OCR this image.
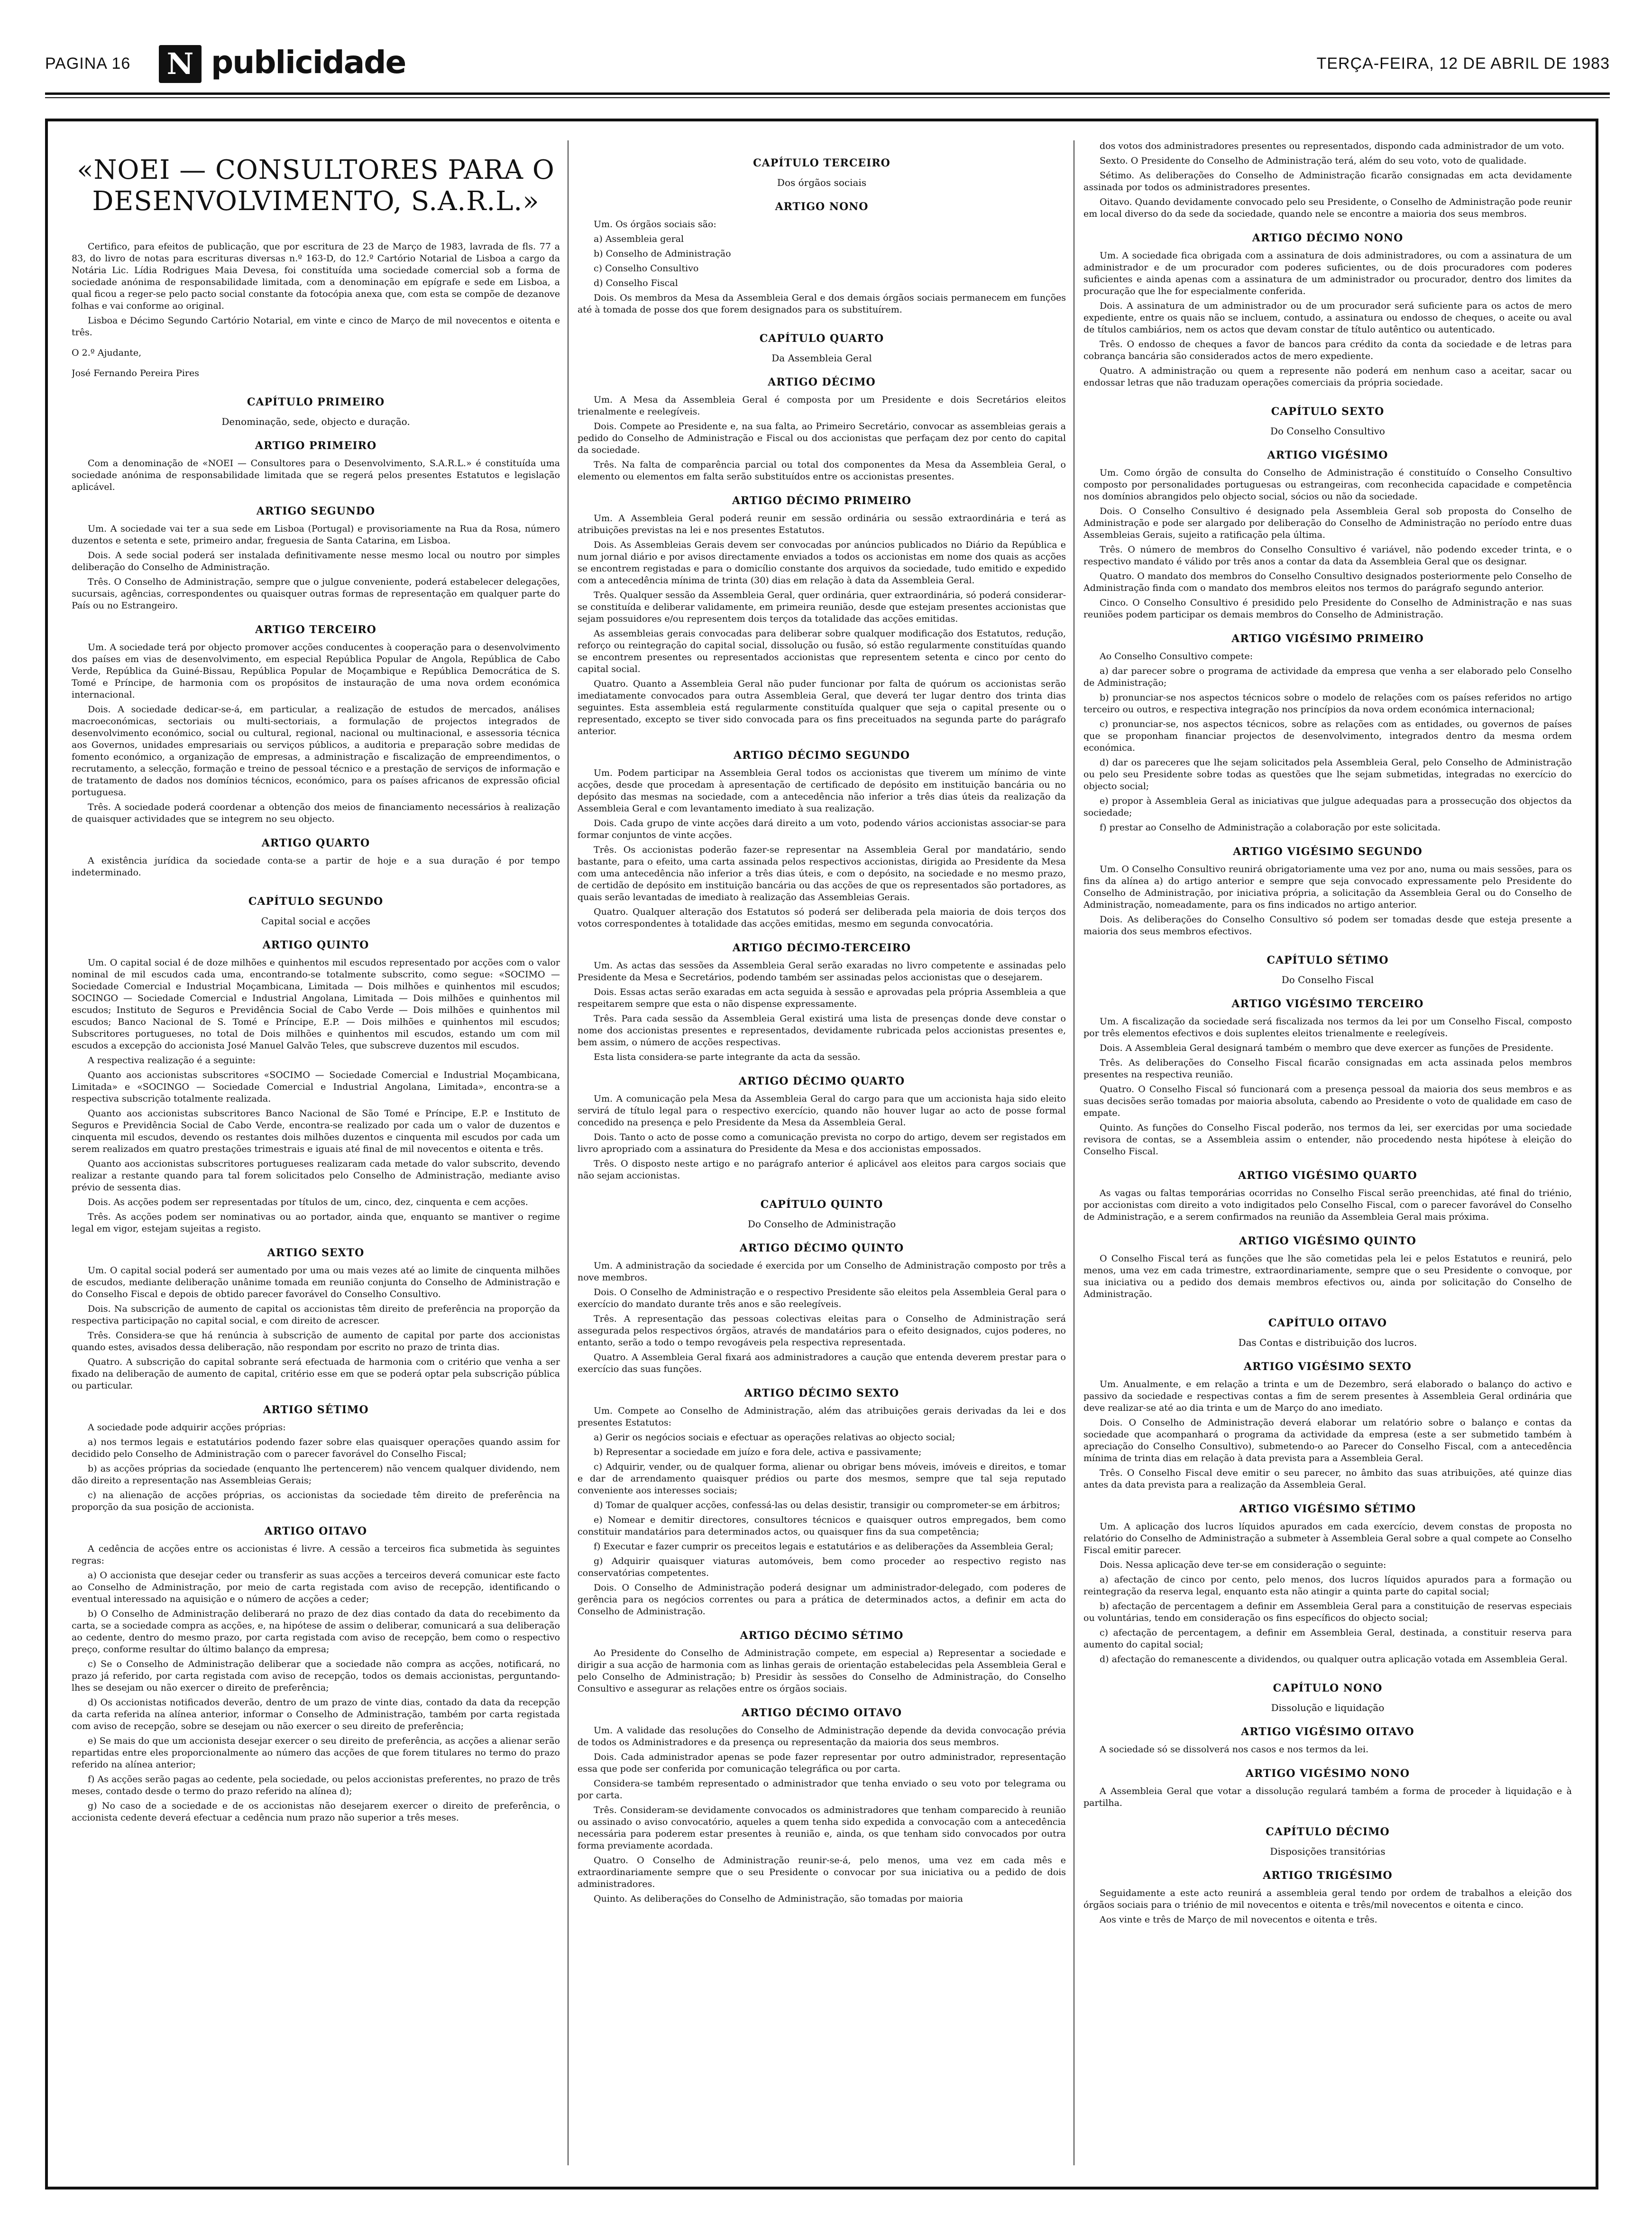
PAGINA 16 N publicidade	TERÇA-FEIRA, 12 DE ABRIL DE 1983
«NOEI — CONSULTORES PARA O DESENVOLVIMENTO, S.A.R.L.»

Certifico, para efeitos de publicação, que por escritura de 23 de Março de 1983, lavrada de fls. 77 a 83, do livro de notas para escrituras diversas n.º 163-D, do 12.º Cartório Notarial de Lisboa a cargo da Notária Lic. Lídia Rodrigues Maia Devesa, foi constituída uma sociedade comercial sob a forma de sociedade anónima de responsabilidade limitada, com a denominação em epígrafe e sede em Lisboa, a qual ficou a reger-se pelo pacto social constante da fotocópia anexa que, com esta se compõe de dezanove folhas e vai conforme ao original.

Lisboa e Décimo Segundo Cartório Notarial, em vinte e cinco de Março de mil novecentos e oitenta e três.

O 2.º Ajudante,

José Fernando Pereira Pires

CAPÍTULO PRIMEIRO
Denominação, sede, objecto e duração.
ARTIGO PRIMEIRO

Com a denominação de «NOEI — Consultores para o Desenvolvimento, S.A.R.L.» é constituída uma sociedade anónima de responsabilidade limitada que se regerá pelos presentes Estatutos e legislação aplicável.

ARTIGO SEGUNDO

Um. A sociedade vai ter a sua sede em Lisboa (Portugal) e provisoriamente na Rua da Rosa, número duzentos e setenta e sete, primeiro andar, freguesia de Santa Catarina, em Lisboa.

Dois. A sede social poderá ser instalada definitivamente nesse mesmo local ou noutro por simples deliberação do Conselho de Administração.

Três. O Conselho de Administração, sempre que o julgue conveniente, poderá estabelecer delegações, sucursais, agências, correspondentes ou quaisquer outras formas de representação em qualquer parte do País ou no Estrangeiro.

ARTIGO TERCEIRO

Um. A sociedade terá por objecto promover acções conducentes à cooperação para o desenvolvimento dos países em vias de desenvolvimento, em especial República Popular de Angola, República de Cabo Verde, República da Guiné-Bissau, República Popular de Moçambique e República Democrática de S. Tomé e Príncipe, de harmonia com os propósitos de instauração de uma nova ordem económica internacional.

Dois. A sociedade dedicar-se-á, em particular, a realização de estudos de mercados, análises macroeconómicas, sectoriais ou multi-sectoriais, a formulação de projectos integrados de desenvolvimento económico, social ou cultural, regional, nacional ou multinacional, e assessoria técnica aos Governos, unidades empresariais ou serviços públicos, a auditoria e preparação sobre medidas de fomento económico, a organização de empresas, a administração e fiscalização de empreendimentos, o recrutamento, a selecção, formação e treino de pessoal técnico e a prestação de serviços de informação e de tratamento de dados nos domínios técnicos, económico, para os países africanos de expressão oficial portuguesa.

Três. A sociedade poderá coordenar a obtenção dos meios de financiamento necessários à realização de quaisquer actividades que se integrem no seu objecto.

ARTIGO QUARTO

A existência jurídica da sociedade conta-se a partir de hoje e a sua duração é por tempo indeterminado.

CAPÍTULO SEGUNDO
Capital social e acções
ARTIGO QUINTO

Um. O capital social é de doze milhões e quinhentos mil escudos representado por acções com o valor nominal de mil escudos cada uma, encontrando-se totalmente subscrito, como segue: «SOCIMO — Sociedade Comercial e Industrial Moçambicana, Limitada — Dois milhões e quinhentos mil escudos; SOCINGO — Sociedade Comercial e Industrial Angolana, Limitada — Dois milhões e quinhentos mil escudos; Instituto de Seguros e Previdência Social de Cabo Verde — Dois milhões e quinhentos mil escudos; Banco Nacional de S. Tomé e Príncipe, E.P. — Dois milhões e quinhentos mil escudos; Subscritores portugueses, no total de Dois milhões e quinhentos mil escudos, estando um com mil escudos a excepção do accionista José Manuel Galvão Teles, que subscreve duzentos mil escudos.

A respectiva realização é a seguinte:

Quanto aos accionistas subscritores «SOCIMO — Sociedade Comercial e Industrial Moçambicana, Limitada» e «SOCINGO — Sociedade Comercial e Industrial Angolana, Limitada», encontra-se a respectiva subscrição totalmente realizada.

Quanto aos accionistas subscritores Banco Nacional de São Tomé e Príncipe, E.P. e Instituto de Seguros e Previdência Social de Cabo Verde, encontra-se realizado por cada um o valor de duzentos e cinquenta mil escudos, devendo os restantes dois milhões duzentos e cinquenta mil escudos por cada um serem realizados em quatro prestações trimestrais e iguais até final de mil novecentos e oitenta e três.

Quanto aos accionistas subscritores portugueses realizaram cada metade do valor subscrito, devendo realizar a restante quando para tal forem solicitados pelo Conselho de Administração, mediante aviso prévio de sessenta dias.

Dois. As acções podem ser representadas por títulos de um, cinco, dez, cinquenta e cem acções.

Três. As acções podem ser nominativas ou ao portador, ainda que, enquanto se mantiver o regime legal em vigor, estejam sujeitas a registo.

ARTIGO SEXTO

Um. O capital social poderá ser aumentado por uma ou mais vezes até ao limite de cinquenta milhões de escudos, mediante deliberação unânime tomada em reunião conjunta do Conselho de Administração e do Conselho Fiscal e depois de obtido parecer favorável do Conselho Consultivo.

Dois. Na subscrição de aumento de capital os accionistas têm direito de preferência na proporção da respectiva participação no capital social, e com direito de acrescer.

Três. Considera-se que há renúncia à subscrição de aumento de capital por parte dos accionistas quando estes, avisados dessa deliberação, não respondam por escrito no prazo de trinta dias.

Quatro. A subscrição do capital sobrante será efectuada de harmonia com o critério que venha a ser fixado na deliberação de aumento de capital, critério esse em que se poderá optar pela subscrição pública ou particular.

ARTIGO SÉTIMO

A sociedade pode adquirir acções próprias:

a) nos termos legais e estatutários podendo fazer sobre elas quaisquer operações quando assim for decidido pelo Conselho de Administração com o parecer favorável do Conselho Fiscal;

b) as acções próprias da sociedade (enquanto lhe pertencerem) não vencem qualquer dividendo, nem dão direito a representação nas Assembleias Gerais;

c) na alienação de acções próprias, os accionistas da sociedade têm direito de preferência na proporção da sua posição de accionista.

ARTIGO OITAVO

A cedência de acções entre os accionistas é livre. A cessão a terceiros fica submetida às seguintes regras:

a) O accionista que desejar ceder ou transferir as suas acções a terceiros deverá comunicar este facto ao Conselho de Administração, por meio de carta registada com aviso de recepção, identificando o eventual interessado na aquisição e o número de acções a ceder;

b) O Conselho de Administração deliberará no prazo de dez dias contado da data do recebimento da carta, se a sociedade compra as acções, e, na hipótese de assim o deliberar, comunicará a sua deliberação ao cedente, dentro do mesmo prazo, por carta registada com aviso de recepção, bem como o respectivo preço, conforme resultar do último balanço da empresa;

c) Se o Conselho de Administração deliberar que a sociedade não compra as acções, notificará, no prazo já referido, por carta registada com aviso de recepção, todos os demais accionistas, perguntando-lhes se desejam ou não exercer o direito de preferência;

d) Os accionistas notificados deverão, dentro de um prazo de vinte dias, contado da data da recepção da carta referida na alínea anterior, informar o Conselho de Administração, também por carta registada com aviso de recepção, sobre se desejam ou não exercer o seu direito de preferência;

e) Se mais do que um accionista desejar exercer o seu direito de preferência, as acções a alienar serão repartidas entre eles proporcionalmente ao número das acções de que forem titulares no termo do prazo referido na alínea anterior;

f) As acções serão pagas ao cedente, pela sociedade, ou pelos accionistas preferentes, no prazo de três meses, contado desde o termo do prazo referido na alínea d);

g) No caso de a sociedade e de os accionistas não desejarem exercer o direito de preferência, o accionista cedente deverá efectuar a cedência num prazo não superior a três meses.

CAPÍTULO TERCEIRO
Dos órgãos sociais
ARTIGO NONO

Um. Os órgãos sociais são:

a) Assembleia geral

b) Conselho de Administração

c) Conselho Consultivo

d) Conselho Fiscal

Dois. Os membros da Mesa da Assembleia Geral e dos demais órgãos sociais permanecem em funções até à tomada de posse dos que forem designados para os substituírem.

CAPÍTULO QUARTO
Da Assembleia Geral
ARTIGO DÉCIMO

Um. A Mesa da Assembleia Geral é composta por um Presidente e dois Secretários eleitos trienalmente e reelegíveis.

Dois. Compete ao Presidente e, na sua falta, ao Primeiro Secretário, convocar as assembleias gerais a pedido do Conselho de Administração e Fiscal ou dos accionistas que perfaçam dez por cento do capital da sociedade.

Três. Na falta de comparência parcial ou total dos componentes da Mesa da Assembleia Geral, o elemento ou elementos em falta serão substituídos entre os accionistas presentes.

ARTIGO DÉCIMO PRIMEIRO

Um. A Assembleia Geral poderá reunir em sessão ordinária ou sessão extraordinária e terá as atribuições previstas na lei e nos presentes Estatutos.

Dois. As Assembleias Gerais devem ser convocadas por anúncios publicados no Diário da República e num jornal diário e por avisos directamente enviados a todos os accionistas em nome dos quais as acções se encontrem registadas e para o domicílio constante dos arquivos da sociedade, tudo emitido e expedido com a antecedência mínima de trinta (30) dias em relação à data da Assembleia Geral.

Três. Qualquer sessão da Assembleia Geral, quer ordinária, quer extraordinária, só poderá considerar-se constituída e deliberar validamente, em primeira reunião, desde que estejam presentes accionistas que sejam possuidores e/ou representem dois terços da totalidade das acções emitidas.

As assembleias gerais convocadas para deliberar sobre qualquer modificação dos Estatutos, redução, reforço ou reintegração do capital social, dissolução ou fusão, só estão regularmente constituídas quando se encontrem presentes ou representados accionistas que representem setenta e cinco por cento do capital social.

Quatro. Quanto a Assembleia Geral não puder funcionar por falta de quórum os accionistas serão imediatamente convocados para outra Assembleia Geral, que deverá ter lugar dentro dos trinta dias seguintes. Esta assembleia está regularmente constituída qualquer que seja o capital presente ou o representado, excepto se tiver sido convocada para os fins preceituados na segunda parte do parágrafo anterior.

ARTIGO DÉCIMO SEGUNDO

Um. Podem participar na Assembleia Geral todos os accionistas que tiverem um mínimo de vinte acções, desde que procedam à apresentação de certificado de depósito em instituição bancária ou no depósito das mesmas na sociedade, com a antecedência não inferior a três dias úteis da realização da Assembleia Geral e com levantamento imediato à sua realização.

Dois. Cada grupo de vinte acções dará direito a um voto, podendo vários accionistas associar-se para formar conjuntos de vinte acções.

Três. Os accionistas poderão fazer-se representar na Assembleia Geral por mandatário, sendo bastante, para o efeito, uma carta assinada pelos respectivos accionistas, dirigida ao Presidente da Mesa com uma antecedência não inferior a três dias úteis, e com o depósito, na sociedade e no mesmo prazo, de certidão de depósito em instituição bancária ou das acções de que os representados são portadores, as quais serão levantadas de imediato à realização das Assembleias Gerais.

Quatro. Qualquer alteração dos Estatutos só poderá ser deliberada pela maioria de dois terços dos votos correspondentes à totalidade das acções emitidas, mesmo em segunda convocatória.

ARTIGO DÉCIMO-TERCEIRO

Um. As actas das sessões da Assembleia Geral serão exaradas no livro competente e assinadas pelo Presidente da Mesa e Secretários, podendo também ser assinadas pelos accionistas que o desejarem.

Dois. Essas actas serão exaradas em acta seguida à sessão e aprovadas pela própria Assembleia a que respeitarem sempre que esta o não dispense expressamente.

Três. Para cada sessão da Assembleia Geral existirá uma lista de presenças donde deve constar o nome dos accionistas presentes e representados, devidamente rubricada pelos accionistas presentes e, bem assim, o número de acções respectivas.

Esta lista considera-se parte integrante da acta da sessão.

ARTIGO DÉCIMO QUARTO

Um. A comunicação pela Mesa da Assembleia Geral do cargo para que um accionista haja sido eleito servirá de título legal para o respectivo exercício, quando não houver lugar ao acto de posse formal concedido na presença e pelo Presidente da Mesa da Assembleia Geral.

Dois. Tanto o acto de posse como a comunicação prevista no corpo do artigo, devem ser registados em livro apropriado com a assinatura do Presidente da Mesa e dos accionistas empossados.

Três. O disposto neste artigo e no parágrafo anterior é aplicável aos eleitos para cargos sociais que não sejam accionistas.

CAPÍTULO QUINTO
Do Conselho de Administração
ARTIGO DÉCIMO QUINTO

Um. A administração da sociedade é exercida por um Conselho de Administração composto por três a nove membros.

Dois. O Conselho de Administração e o respectivo Presidente são eleitos pela Assembleia Geral para o exercício do mandato durante três anos e são reelegíveis.

Três. A representação das pessoas colectivas eleitas para o Conselho de Administração será assegurada pelos respectivos órgãos, através de mandatários para o efeito designados, cujos poderes, no entanto, serão a todo o tempo revogáveis pela respectiva representada.

Quatro. A Assembleia Geral fixará aos administradores a caução que entenda deverem prestar para o exercício das suas funções.

ARTIGO DÉCIMO SEXTO

Um. Compete ao Conselho de Administração, além das atribuições gerais derivadas da lei e dos presentes Estatutos:

a) Gerir os negócios sociais e efectuar as operações relativas ao objecto social;

b) Representar a sociedade em juízo e fora dele, activa e passivamente;

c) Adquirir, vender, ou de qualquer forma, alienar ou obrigar bens móveis, imóveis e direitos, e tomar e dar de arrendamento quaisquer prédios ou parte dos mesmos, sempre que tal seja reputado conveniente aos interesses sociais;

d) Tomar de qualquer acções, confessá-las ou delas desistir, transigir ou comprometer-se em árbitros;

e) Nomear e demitir directores, consultores técnicos e quaisquer outros empregados, bem como constituir mandatários para determinados actos, ou quaisquer fins da sua competência;

f) Executar e fazer cumprir os preceitos legais e estatutários e as deliberações da Assembleia Geral;

g) Adquirir quaisquer viaturas automóveis, bem como proceder ao respectivo registo nas conservatórias competentes.

Dois. O Conselho de Administração poderá designar um administrador-delegado, com poderes de gerência para os negócios correntes ou para a prática de determinados actos, a definir em acta do Conselho de Administração.

ARTIGO DÉCIMO SÉTIMO

Ao Presidente do Conselho de Administração compete, em especial a) Representar a sociedade e dirigir a sua acção de harmonia com as linhas gerais de orientação estabelecidas pela Assembleia Geral e pelo Conselho de Administração; b) Presidir às sessões do Conselho de Administração, do Conselho Consultivo e assegurar as relações entre os órgãos sociais.

ARTIGO DÉCIMO OITAVO

Um. A validade das resoluções do Conselho de Administração depende da devida convocação prévia de todos os Administradores e da presença ou representação da maioria dos seus membros.

Dois. Cada administrador apenas se pode fazer representar por outro administrador, representação essa que pode ser conferida por comunicação telegráfica ou por carta.

Considera-se também representado o administrador que tenha enviado o seu voto por telegrama ou por carta.

Três. Consideram-se devidamente convocados os administradores que tenham comparecido à reunião ou assinado o aviso convocatório, aqueles a quem tenha sido expedida a convocação com a antecedência necessária para poderem estar presentes à reunião e, ainda, os que tenham sido convocados por outra forma previamente acordada.

Quatro. O Conselho de Administração reunir-se-á, pelo menos, uma vez em cada mês e extraordinariamente sempre que o seu Presidente o convocar por sua iniciativa ou a pedido de dois administradores.

Quinto. As deliberações do Conselho de Administração, são tomadas por maioria

dos votos dos administradores presentes ou representados, dispondo cada administrador de um voto.

Sexto. O Presidente do Conselho de Administração terá, além do seu voto, voto de qualidade.

Sétimo. As deliberações do Conselho de Administração ficarão consignadas em acta devidamente assinada por todos os administradores presentes.

Oitavo. Quando devidamente convocado pelo seu Presidente, o Conselho de Administração pode reunir em local diverso do da sede da sociedade, quando nele se encontre a maioria dos seus membros.

ARTIGO DÉCIMO NONO

Um. A sociedade fica obrigada com a assinatura de dois administradores, ou com a assinatura de um administrador e de um procurador com poderes suficientes, ou de dois procuradores com poderes suficientes e ainda apenas com a assinatura de um administrador ou procurador, dentro dos limites da procuração que lhe for especialmente conferida.

Dois. A assinatura de um administrador ou de um procurador será suficiente para os actos de mero expediente, entre os quais não se incluem, contudo, a assinatura ou endosso de cheques, o aceite ou aval de títulos cambiários, nem os actos que devam constar de título autêntico ou autenticado.

Três. O endosso de cheques a favor de bancos para crédito da conta da sociedade e de letras para cobrança bancária são considerados actos de mero expediente.

Quatro. A administração ou quem a represente não poderá em nenhum caso a aceitar, sacar ou endossar letras que não traduzam operações comerciais da própria sociedade.

CAPÍTULO SEXTO
Do Conselho Consultivo
ARTIGO VIGÉSIMO

Um. Como órgão de consulta do Conselho de Administração é constituído o Conselho Consultivo composto por personalidades portuguesas ou estrangeiras, com reconhecida capacidade e competência nos domínios abrangidos pelo objecto social, sócios ou não da sociedade.

Dois. O Conselho Consultivo é designado pela Assembleia Geral sob proposta do Conselho de Administração e pode ser alargado por deliberação do Conselho de Administração no período entre duas Assembleias Gerais, sujeito a ratificação pela última.

Três. O número de membros do Conselho Consultivo é variável, não podendo exceder trinta, e o respectivo mandato é válido por três anos a contar da data da Assembleia Geral que os designar.

Quatro. O mandato dos membros do Conselho Consultivo designados posteriormente pelo Conselho de Administração finda com o mandato dos membros eleitos nos termos do parágrafo segundo anterior.

Cinco. O Conselho Consultivo é presidido pelo Presidente do Conselho de Administração e nas suas reuniões podem participar os demais membros do Conselho de Administração.

ARTIGO VIGÉSIMO PRIMEIRO

Ao Conselho Consultivo compete:

a) dar parecer sobre o programa de actividade da empresa que venha a ser elaborado pelo Conselho de Administração;

b) pronunciar-se nos aspectos técnicos sobre o modelo de relações com os países referidos no artigo terceiro ou outros, e respectiva integração nos princípios da nova ordem económica internacional;

c) pronunciar-se, nos aspectos técnicos, sobre as relações com as entidades, ou governos de países que se proponham financiar projectos de desenvolvimento, integrados dentro da mesma ordem económica.

d) dar os pareceres que lhe sejam solicitados pela Assembleia Geral, pelo Conselho de Administração ou pelo seu Presidente sobre todas as questões que lhe sejam submetidas, integradas no exercício do objecto social;

e) propor à Assembleia Geral as iniciativas que julgue adequadas para a prossecução dos objectos da sociedade;

f) prestar ao Conselho de Administração a colaboração por este solicitada.

ARTIGO VIGÉSIMO SEGUNDO

Um. O Conselho Consultivo reunirá obrigatoriamente uma vez por ano, numa ou mais sessões, para os fins da alínea a) do artigo anterior e sempre que seja convocado expressamente pelo Presidente do Conselho de Administração, por iniciativa própria, a solicitação da Assembleia Geral ou do Conselho de Administração, nomeadamente, para os fins indicados no artigo anterior.

Dois. As deliberações do Conselho Consultivo só podem ser tomadas desde que esteja presente a maioria dos seus membros efectivos.

CAPÍTULO SÉTIMO
Do Conselho Fiscal
ARTIGO VIGÉSIMO TERCEIRO

Um. A fiscalização da sociedade será fiscalizada nos termos da lei por um Conselho Fiscal, composto por três elementos efectivos e dois suplentes eleitos trienalmente e reelegíveis.

Dois. A Assembleia Geral designará também o membro que deve exercer as funções de Presidente.

Três. As deliberações do Conselho Fiscal ficarão consignadas em acta assinada pelos membros presentes na respectiva reunião.

Quatro. O Conselho Fiscal só funcionará com a presença pessoal da maioria dos seus membros e as suas decisões serão tomadas por maioria absoluta, cabendo ao Presidente o voto de qualidade em caso de empate.

Quinto. As funções do Conselho Fiscal poderão, nos termos da lei, ser exercidas por uma sociedade revisora de contas, se a Assembleia assim o entender, não procedendo nesta hipótese à eleição do Conselho Fiscal.

ARTIGO VIGÉSIMO QUARTO

As vagas ou faltas temporárias ocorridas no Conselho Fiscal serão preenchidas, até final do triénio, por accionistas com direito a voto indigitados pelo Conselho Fiscal, com o parecer favorável do Conselho de Administração, e a serem confirmados na reunião da Assembleia Geral mais próxima.

ARTIGO VIGÉSIMO QUINTO

O Conselho Fiscal terá as funções que lhe são cometidas pela lei e pelos Estatutos e reunirá, pelo menos, uma vez em cada trimestre, extraordinariamente, sempre que o seu Presidente o convoque, por sua iniciativa ou a pedido dos demais membros efectivos ou, ainda por solicitação do Conselho de Administração.

CAPÍTULO OITAVO
Das Contas e distribuição dos lucros.
ARTIGO VIGÉSIMO SEXTO

Um. Anualmente, e em relação a trinta e um de Dezembro, será elaborado o balanço do activo e passivo da sociedade e respectivas contas a fim de serem presentes à Assembleia Geral ordinária que deve realizar-se até ao dia trinta e um de Março do ano imediato.

Dois. O Conselho de Administração deverá elaborar um relatório sobre o balanço e contas da sociedade que acompanhará o programa da actividade da empresa (este a ser submetido também à apreciação do Conselho Consultivo), submetendo-o ao Parecer do Conselho Fiscal, com a antecedência mínima de trinta dias em relação à data prevista para a Assembleia Geral.

Três. O Conselho Fiscal deve emitir o seu parecer, no âmbito das suas atribuições, até quinze dias antes da data prevista para a realização da Assembleia Geral.

ARTIGO VIGÉSIMO SÉTIMO

Um. A aplicação dos lucros líquidos apurados em cada exercício, devem constas de proposta no relatório do Conselho de Administração a submeter à Assembleia Geral sobre a qual compete ao Conselho Fiscal emitir parecer.

Dois. Nessa aplicação deve ter-se em consideração o seguinte:

a) afectação de cinco por cento, pelo menos, dos lucros líquidos apurados para a formação ou reintegração da reserva legal, enquanto esta não atingir a quinta parte do capital social;

b) afectação de percentagem a definir em Assembleia Geral para a constituição de reservas especiais ou voluntárias, tendo em consideração os fins específicos do objecto social;

c) afectação de percentagem, a definir em Assembleia Geral, destinada, a constituir reserva para aumento do capital social;

d) afectação do remanescente a dividendos, ou qualquer outra aplicação votada em Assembleia Geral.

CAPÍTULO NONO
Dissolução e liquidação
ARTIGO VIGÉSIMO OITAVO

A sociedade só se dissolverá nos casos e nos termos da lei.

ARTIGO VIGÉSIMO NONO

A Assembleia Geral que votar a dissolução regulará também a forma de proceder à liquidação e à partilha.

CAPÍTULO DÉCIMO
Disposições transitórias
ARTIGO TRIGÉSIMO

Seguidamente a este acto reunirá a assembleia geral tendo por ordem de trabalhos a eleição dos órgãos sociais para o triénio de mil novecentos e oitenta e três/mil novecentos e oitenta e cinco.

Aos vinte e três de Março de mil novecentos e oitenta e três.
